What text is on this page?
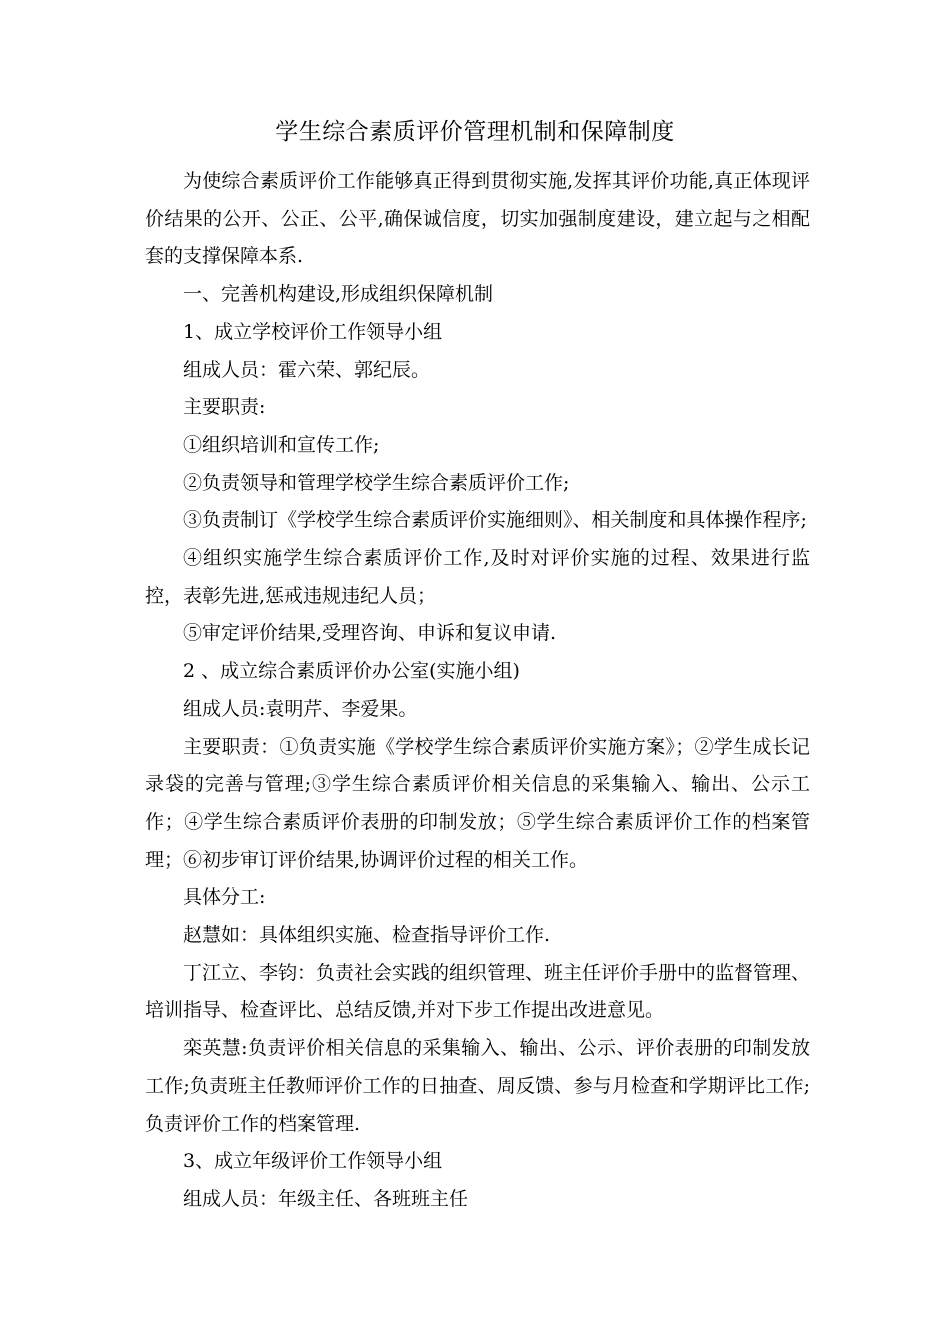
学生综合素质评价管理机制和保障制度

为使综合素质评价工作能够真正得到贯彻实施,发挥其评价功能,真正体现评价结果的公开、公正、公平,确保诚信度，切实加强制度建设，建立起与之相配套的支撑保障本系.

一、完善机构建设,形成组织保障机制

1、成立学校评价工作领导小组

组成人员：霍六荣、郭纪辰。

主要职责:

①组织培训和宣传工作;

②负责领导和管理学校学生综合素质评价工作;

③负责制订《学校学生综合素质评价实施细则》、相关制度和具体操作程序;

④组织实施学生综合素质评价工作,及时对评价实施的过程、效果进行监控，表彰先进,惩戒违规违纪人员；

⑤审定评价结果,受理咨询、申诉和复议申请.

2 、成立综合素质评价办公室(实施小组)

组成人员:袁明芹、李爱果。

主要职责：①负责实施《学校学生综合素质评价实施方案》；②学生成长记录袋的完善与管理;③学生综合素质评价相关信息的采集输入、输出、公示工作；④学生综合素质评价表册的印制发放；⑤学生综合素质评价工作的档案管理；⑥初步审订评价结果,协调评价过程的相关工作。

具体分工:

赵慧如：具体组织实施、检查指导评价工作.

丁江立、李钧：负责社会实践的组织管理、班主任评价手册中的监督管理、培训指导、检查评比、总结反馈,并对下步工作提出改进意见。

栾英慧:负责评价相关信息的采集输入、输出、公示、评价表册的印制发放工作;负责班主任教师评价工作的日抽查、周反馈、参与月检查和学期评比工作;负责评价工作的档案管理.

3、成立年级评价工作领导小组

组成人员：年级主任、各班班主任
